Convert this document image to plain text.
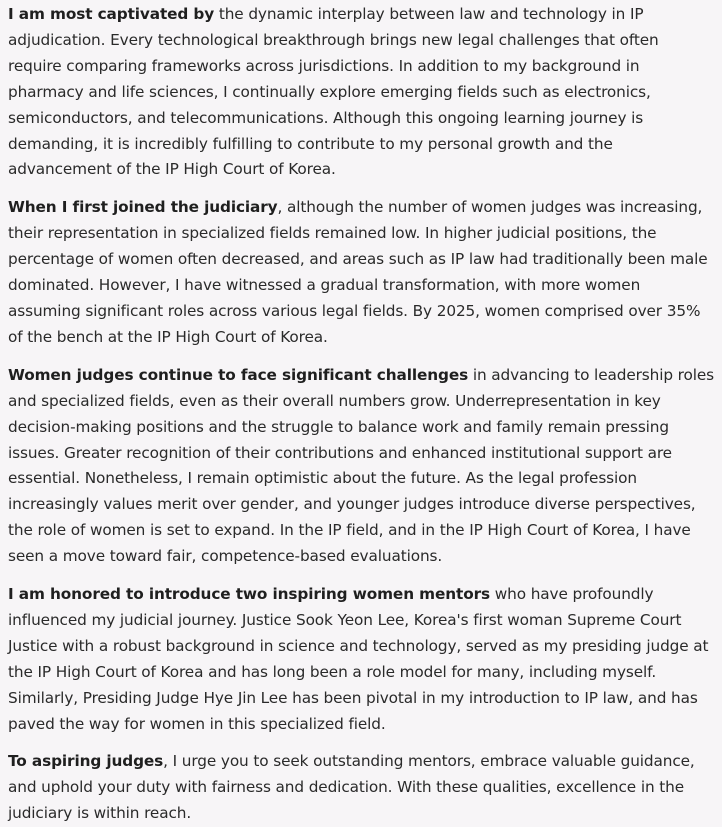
I am most captivated by the dynamic interplay between law and technology in IP adjudication. Every technological breakthrough brings new legal challenges that often require comparing frameworks across jurisdictions. In addition to my background in pharmacy and life sciences, I continually explore emerging fields such as electronics, semiconductors, and telecommunications. Although this ongoing learning journey is demanding, it is incredibly fulfilling to contribute to my personal growth and the advancement of the IP High Court of Korea.

When I first joined the judiciary, although the number of women judges was increasing, their representation in specialized fields remained low. In higher judicial positions, the percentage of women often decreased, and areas such as IP law had traditionally been male dominated. However, I have witnessed a gradual transformation, with more women assuming significant roles across various legal fields. By 2025, women comprised over 35% of the bench at the IP High Court of Korea.

Women judges continue to face significant challenges in advancing to leadership roles and specialized fields, even as their overall numbers grow. Underrepresentation in key decision-making positions and the struggle to balance work and family remain pressing issues. Greater recognition of their contributions and enhanced institutional support are essential. Nonetheless, I remain optimistic about the future. As the legal profession increasingly values merit over gender, and younger judges introduce diverse perspectives, the role of women is set to expand. In the IP field, and in the IP High Court of Korea, I have seen a move toward fair, competence-based evaluations.

I am honored to introduce two inspiring women mentors who have profoundly influenced my judicial journey. Justice Sook Yeon Lee, Korea's first woman Supreme Court Justice with a robust background in science and technology, served as my presiding judge at the IP High Court of Korea and has long been a role model for many, including myself. Similarly, Presiding Judge Hye Jin Lee has been pivotal in my introduction to IP law, and has paved the way for women in this specialized field.

To aspiring judges, I urge you to seek outstanding mentors, embrace valuable guidance, and uphold your duty with fairness and dedication. With these qualities, excellence in the judiciary is within reach.
